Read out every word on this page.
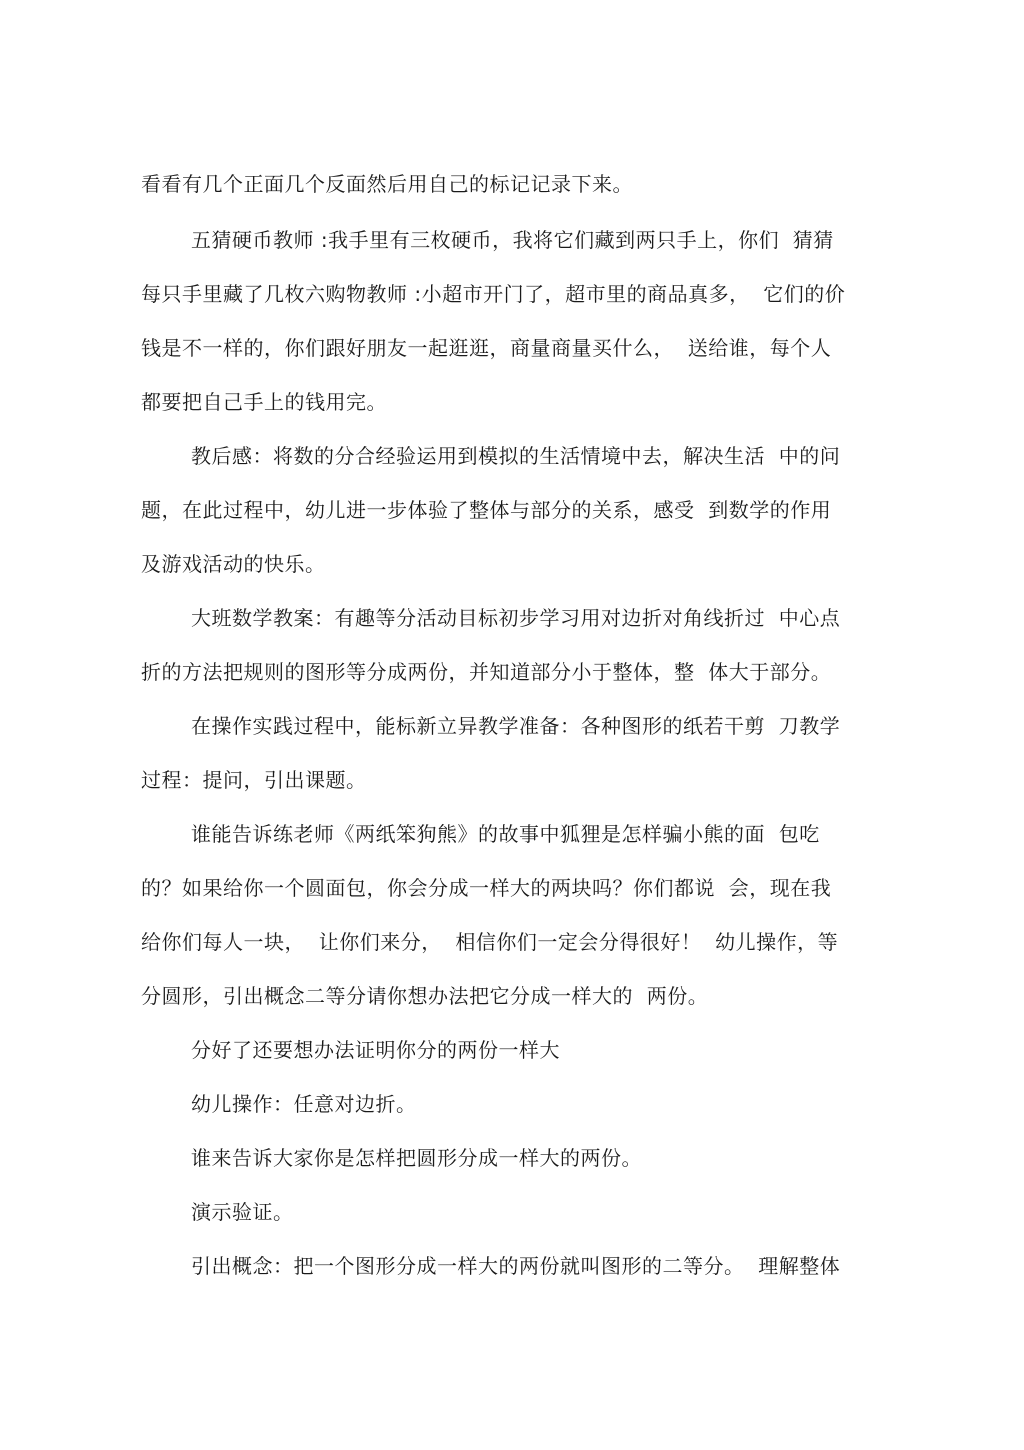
看看有几个正面几个反面然后用自己的标记记录下来。
五猜硬币教师 :我手里有三枚硬币，我将它们藏到两只手上，你们  猜猜
每只手里藏了几枚六购物教师 :小超市开门了，超市里的商品真多，  它们的价
钱是不一样的，你们跟好朋友一起逛逛，商量商量买什么，  送给谁，每个人
都要把自己手上的钱用完。
教后感：将数的分合经验运用到模拟的生活情境中去，解决生活  中的问
题，在此过程中，幼儿进一步体验了整体与部分的关系，感受  到数学的作用
及游戏活动的快乐。
大班数学教案：有趣等分活动目标初步学习用对边折对角线折过  中心点
折的方法把规则的图形等分成两份，并知道部分小于整体，整  体大于部分。
在操作实践过程中，能标新立异教学准备：各种图形的纸若干剪  刀教学
过程：提问，引出课题。
谁能告诉练老师《两纸笨狗熊》的故事中狐狸是怎样骗小熊的面  包吃
的？如果给你一个圆面包，你会分成一样大的两块吗？你们都说  会，现在我
给你们每人一块，  让你们来分，  相信你们一定会分得很好！  幼儿操作，等
分圆形，引出概念二等分请你想办法把它分成一样大的  两份。
分好了还要想办法证明你分的两份一样大
幼儿操作：任意对边折。
谁来告诉大家你是怎样把圆形分成一样大的两份。
演示验证。
引出概念：把一个图形分成一样大的两份就叫图形的二等分。  理解整体
